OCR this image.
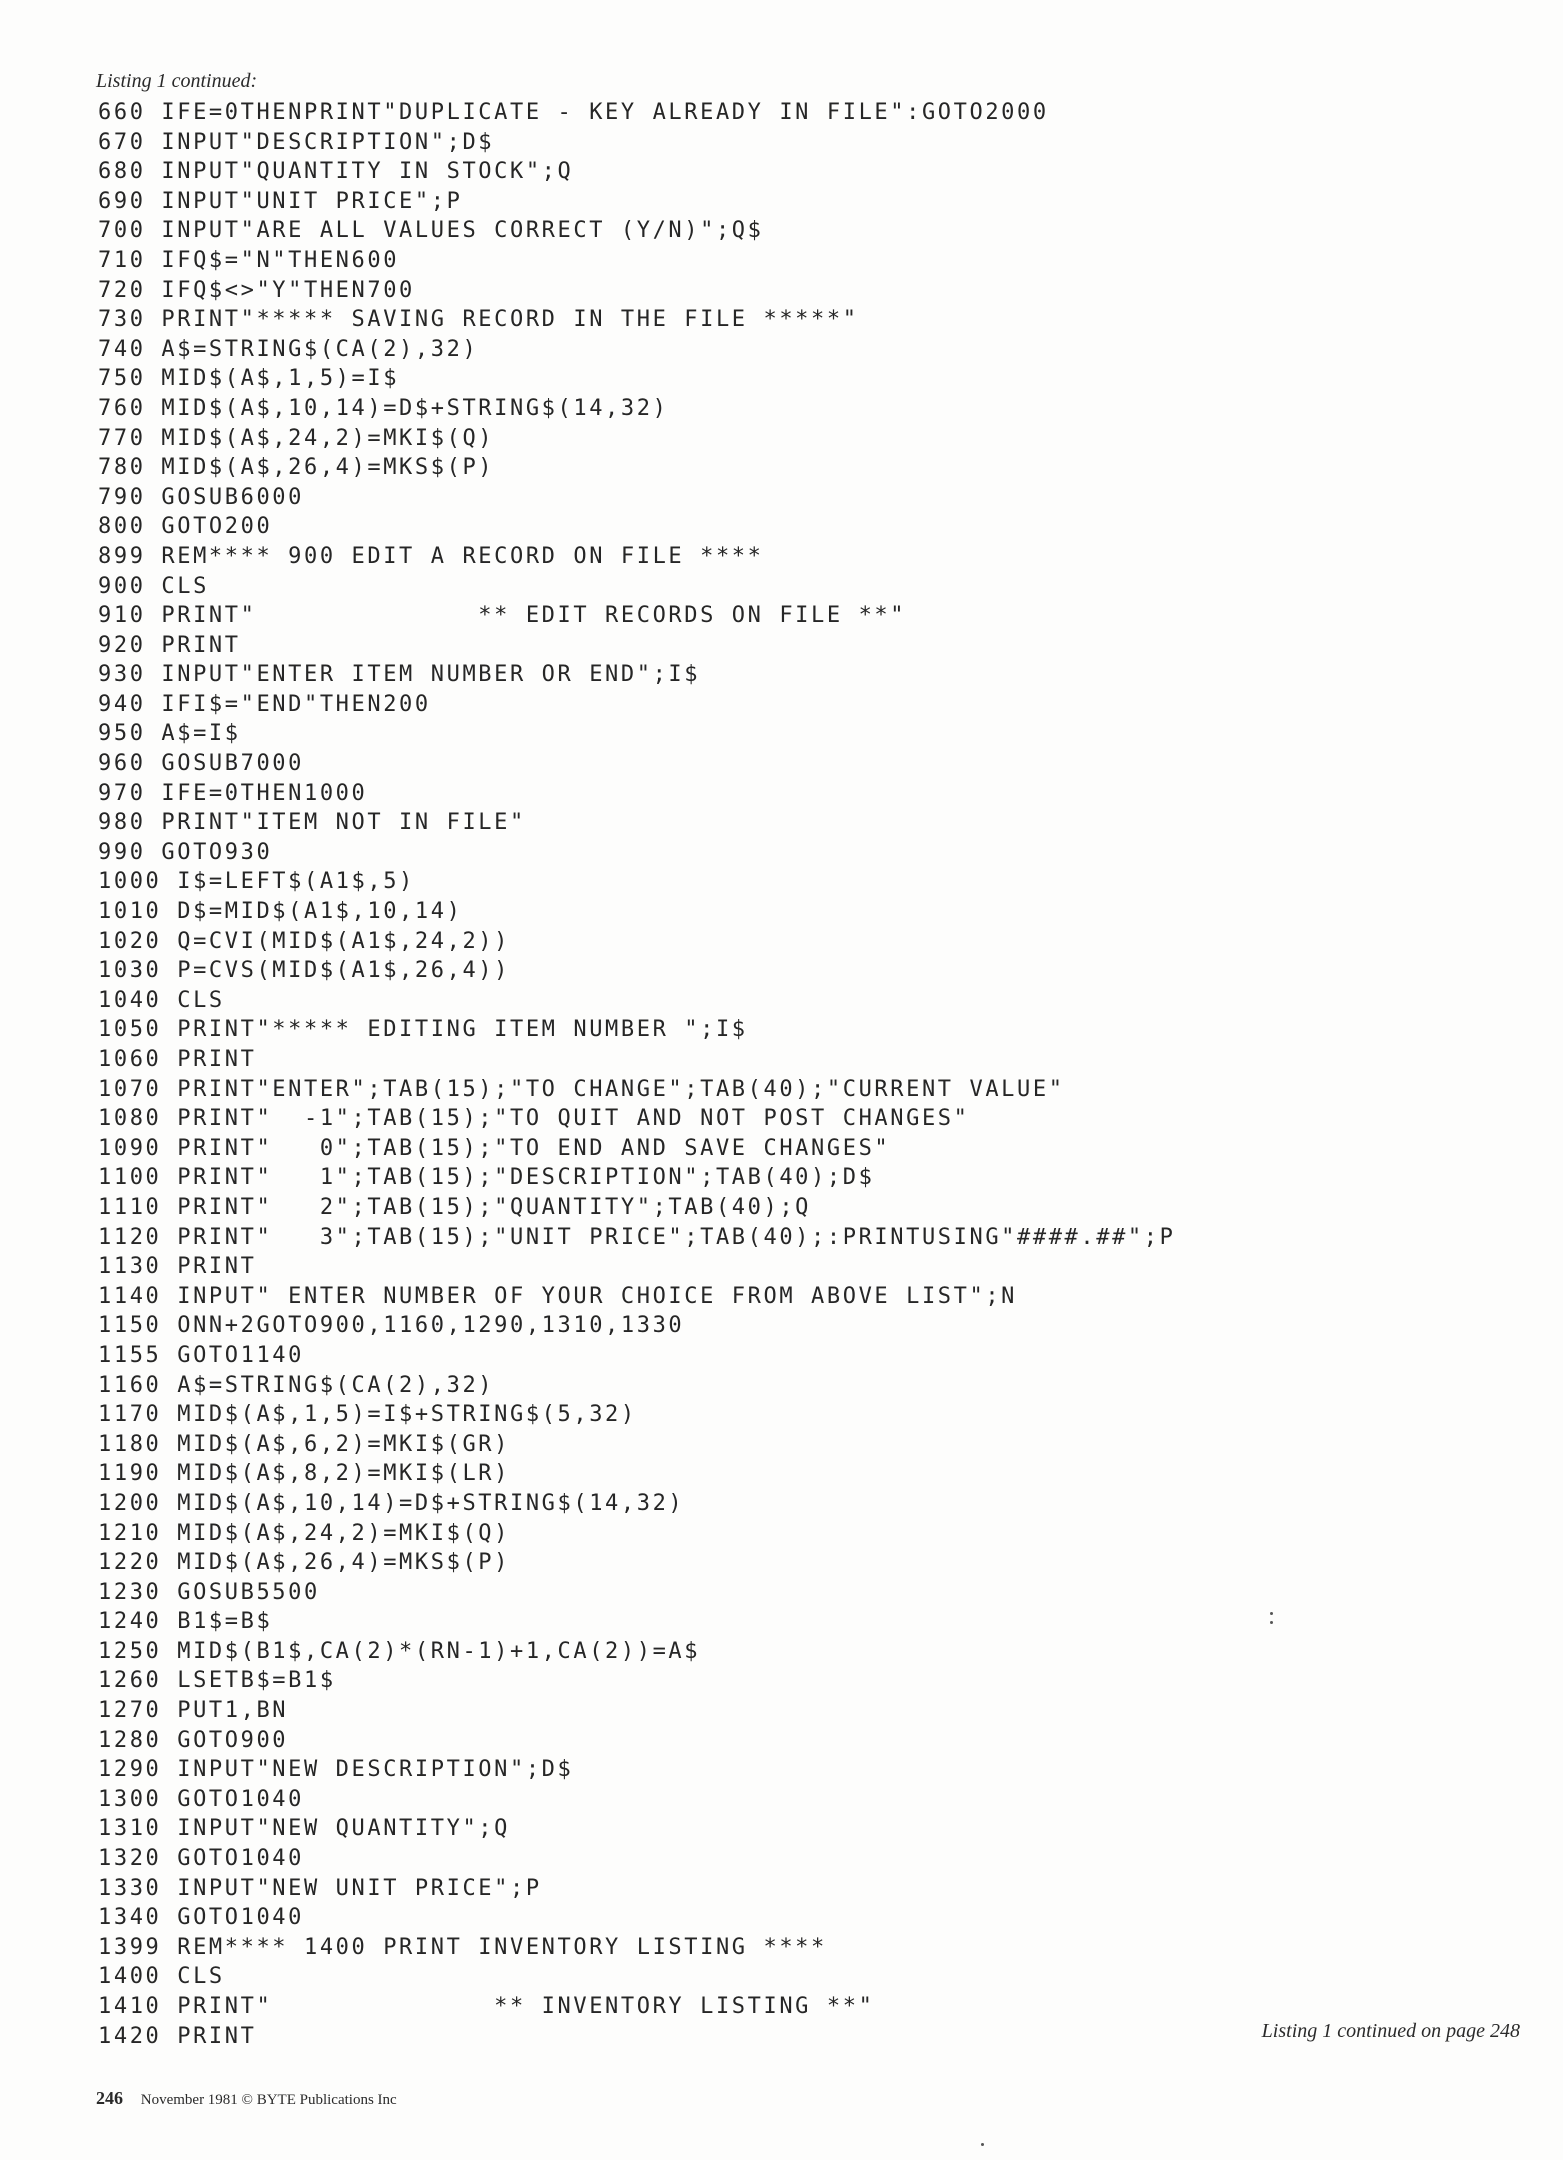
Listing 1 continued:
660 IFE=0THENPRINT"DUPLICATE - KEY ALREADY IN FILE":GOTO2000
670 INPUT"DESCRIPTION";D$
680 INPUT"QUANTITY IN STOCK";Q
690 INPUT"UNIT PRICE";P
700 INPUT"ARE ALL VALUES CORRECT (Y/N)";Q$
710 IFQ$="N"THEN600
720 IFQ$<>"Y"THEN700
730 PRINT"***** SAVING RECORD IN THE FILE *****"
740 A$=STRING$(CA(2),32)
750 MID$(A$,1,5)=I$
760 MID$(A$,10,14)=D$+STRING$(14,32)
770 MID$(A$,24,2)=MKI$(Q)
780 MID$(A$,26,4)=MKS$(P)
790 GOSUB6000
800 GOTO200
899 REM**** 900 EDIT A RECORD ON FILE ****
900 CLS
910 PRINT"              ** EDIT RECORDS ON FILE **"
920 PRINT
930 INPUT"ENTER ITEM NUMBER OR END";I$
940 IFI$="END"THEN200
950 A$=I$
960 GOSUB7000
970 IFE=0THEN1000
980 PRINT"ITEM NOT IN FILE"
990 GOTO930
1000 I$=LEFT$(A1$,5)
1010 D$=MID$(A1$,10,14)
1020 Q=CVI(MID$(A1$,24,2))
1030 P=CVS(MID$(A1$,26,4))
1040 CLS
1050 PRINT"***** EDITING ITEM NUMBER ";I$
1060 PRINT
1070 PRINT"ENTER";TAB(15);"TO CHANGE";TAB(40);"CURRENT VALUE"
1080 PRINT"  -1";TAB(15);"TO QUIT AND NOT POST CHANGES"
1090 PRINT"   0";TAB(15);"TO END AND SAVE CHANGES"
1100 PRINT"   1";TAB(15);"DESCRIPTION";TAB(40);D$
1110 PRINT"   2";TAB(15);"QUANTITY";TAB(40);Q
1120 PRINT"   3";TAB(15);"UNIT PRICE";TAB(40);:PRINTUSING"####.##";P
1130 PRINT
1140 INPUT" ENTER NUMBER OF YOUR CHOICE FROM ABOVE LIST";N
1150 ONN+2GOTO900,1160,1290,1310,1330
1155 GOTO1140
1160 A$=STRING$(CA(2),32)
1170 MID$(A$,1,5)=I$+STRING$(5,32)
1180 MID$(A$,6,2)=MKI$(GR)
1190 MID$(A$,8,2)=MKI$(LR)
1200 MID$(A$,10,14)=D$+STRING$(14,32)
1210 MID$(A$,24,2)=MKI$(Q)
1220 MID$(A$,26,4)=MKS$(P)
1230 GOSUB5500
1240 B1$=B$
1250 MID$(B1$,CA(2)*(RN-1)+1,CA(2))=A$
1260 LSETB$=B1$
1270 PUT1,BN
1280 GOTO900
1290 INPUT"NEW DESCRIPTION";D$
1300 GOTO1040
1310 INPUT"NEW QUANTITY";Q
1320 GOTO1040
1330 INPUT"NEW UNIT PRICE";P
1340 GOTO1040
1399 REM**** 1400 PRINT INVENTORY LISTING ****
1400 CLS
1410 PRINT"              ** INVENTORY LISTING **"
1420 PRINT	Listing 1 continued on page 248
246 November 1981 © BYTE Publications Inc
